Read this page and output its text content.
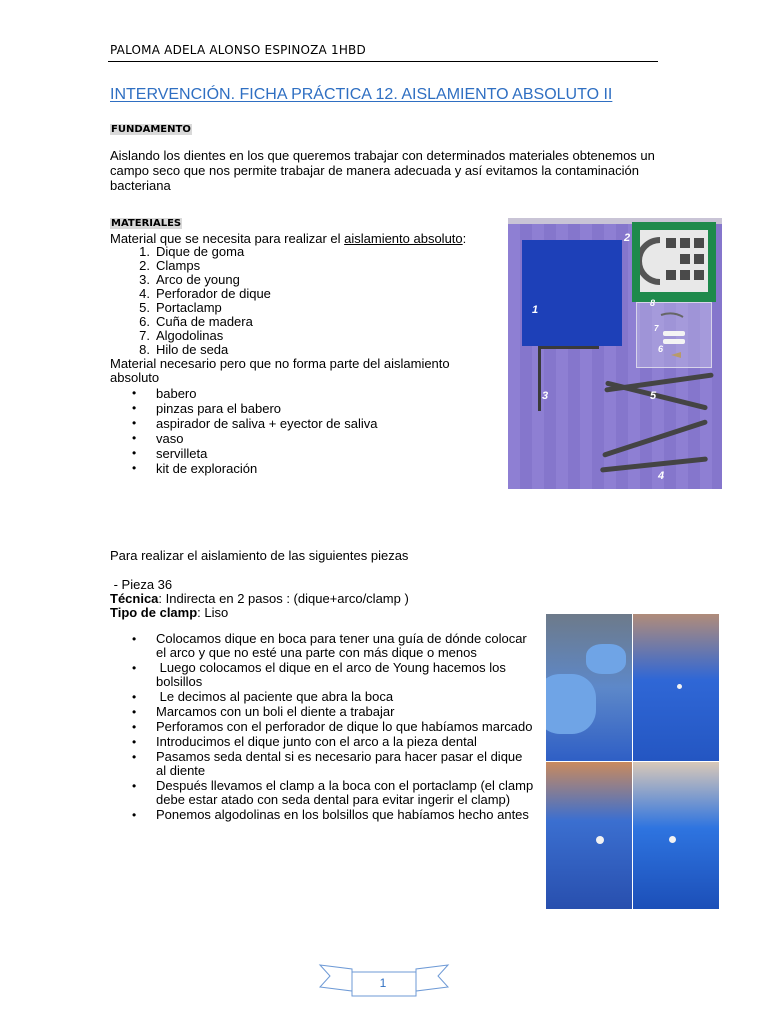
PALOMA ADELA ALONSO ESPINOZA 1HBD
INTERVENCIÓN. FICHA PRÁCTICA 12. AISLAMIENTO ABSOLUTO II
FUNDAMENTO
Aislando los dientes en los que queremos trabajar con determinados materiales obtenemos un campo seco que nos permite trabajar de manera adecuada y así evitamos la contaminación bacteriana
MATERIALES
Material que se necesita para realizar el aislamiento absoluto:
1. Dique de goma
2. Clamps
3. Arco de young
4. Perforador de dique
5. Portaclamp
6. Cuña de madera
7. Algodolinas
8. Hilo de seda
Material necesario pero que no forma parte del aislamiento absoluto
• babero
• pinzas para el babero
• aspirador de saliva + eyector de saliva
• vaso
• servilleta
• kit de exploración
1
2
3
4
5
6
7
8
Para realizar el aislamiento de las siguientes piezas
- Pieza 36
Técnica: Indirecta en 2 pasos : (dique+arco/clamp )
Tipo de clamp: Liso
• Colocamos dique en boca para tener una guía de dónde colocar el arco y que no esté una parte con más dique o menos
•  Luego colocamos el dique en el arco de Young hacemos los bolsillos
•  Le decimos al paciente que abra la boca
• Marcamos con un boli el diente a trabajar
• Perforamos con el perforador de dique lo que habíamos marcado
• Introducimos el dique junto con el arco a la pieza dental
• Pasamos seda dental si es necesario para hacer pasar el dique al diente
• Después llevamos el clamp a la boca con el portaclamp (el clamp debe estar atado con seda dental para evitar ingerir el clamp)
• Ponemos algodolinas en los bolsillos que habíamos hecho antes
1
